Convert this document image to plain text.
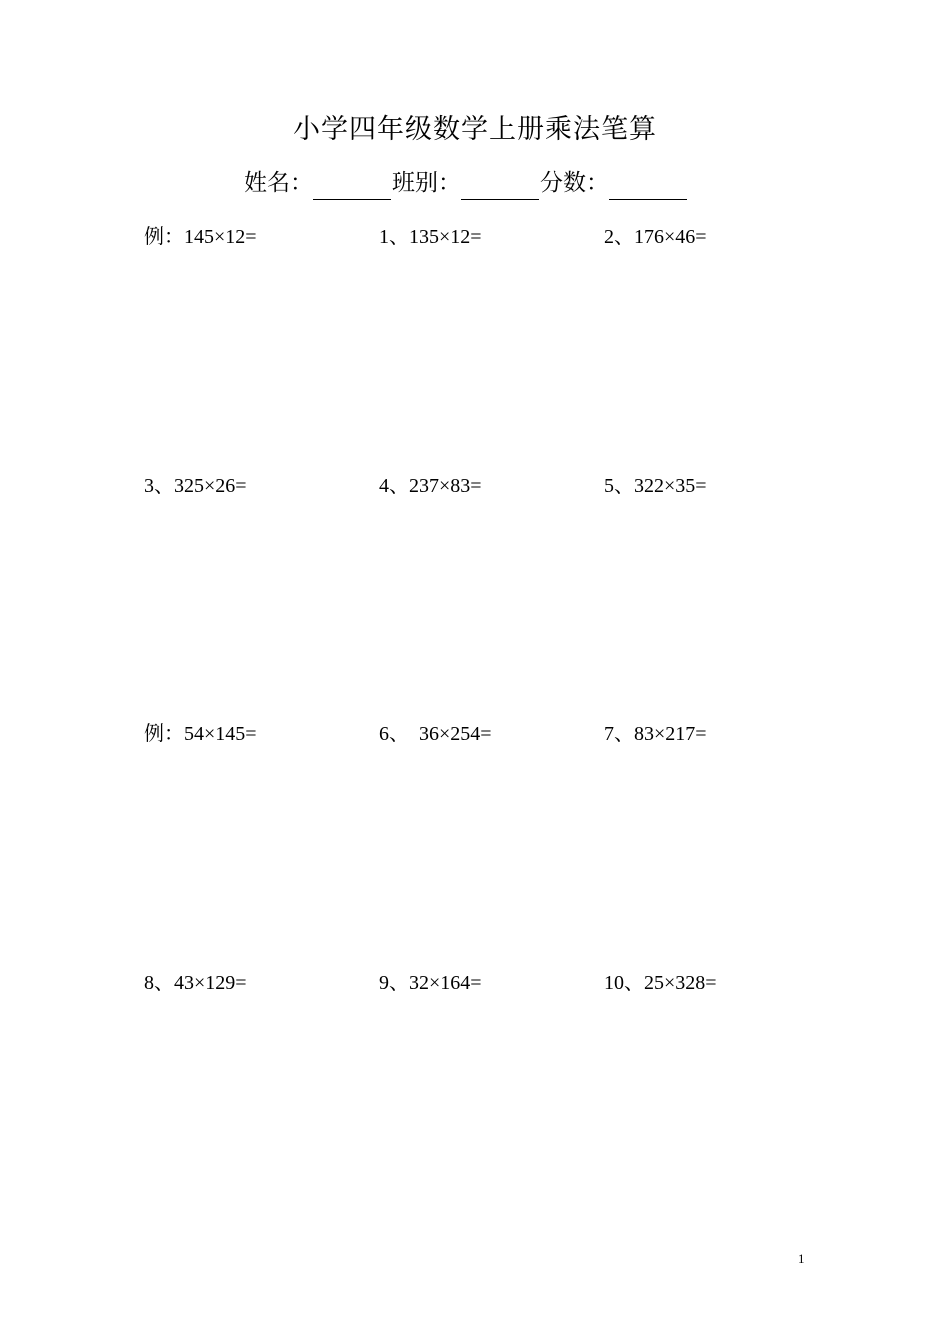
小学四年级数学上册乘法笔算
姓名：	班别：	分数：
例：145×12=	1、135×12=	2、176×46=
3、325×26=	4、237×83=	5、322×35=
例：54×145=	6、  36×254=	7、83×217=
8、43×129=	9、32×164=	10、25×328=
1
